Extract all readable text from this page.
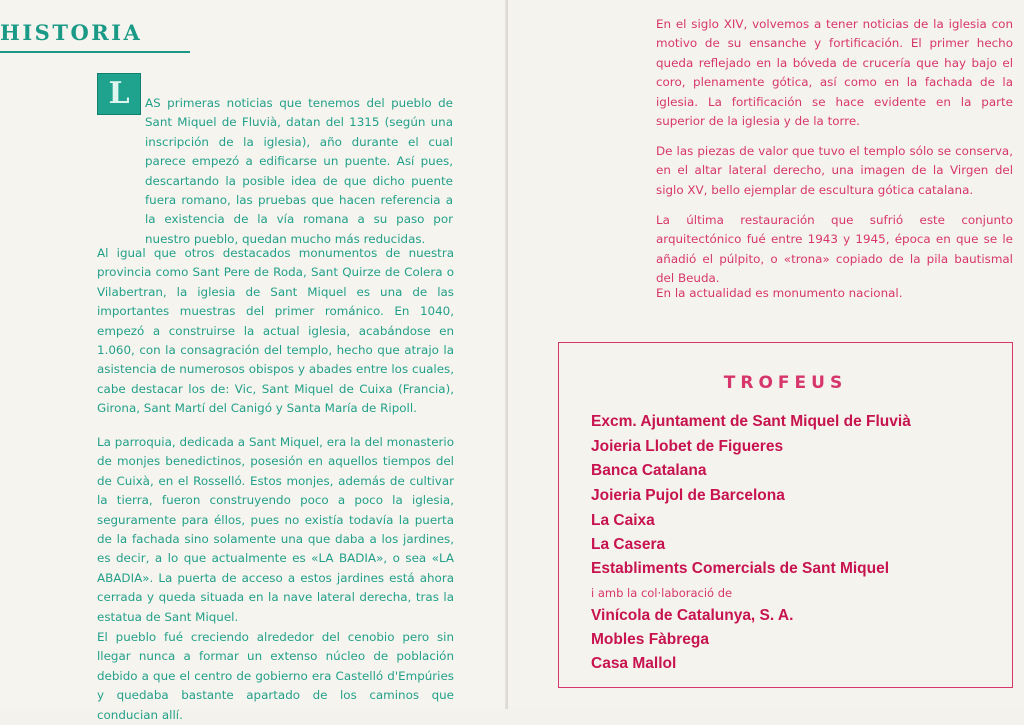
HISTORIA
L	AS primeras noticias que tenemos del pueblo de Sant Miquel de Fluvià, datan del 1315 (según una inscripción de la iglesia), año durante el cual parece empezó a edificarse un puente. Así pues, descartando la posible idea de que dicho puente fuera romano, las pruebas que hacen referencia a la existencia de la vía romana a su paso por nuestro pueblo, quedan mucho más reducidas.

Al igual que otros destacados monumentos de nuestra provincia como Sant Pere de Roda, Sant Quirze de Colera o Vilabertran, la iglesia de Sant Miquel es una de las importantes muestras del primer románico. En 1040, empezó a construirse la actual iglesia, acabándose en 1.060, con la consagración del templo, hecho que atrajo la asistencia de numerosos obispos y abades entre los cuales, cabe destacar los de: Vic, Sant Miquel de Cuixa (Francia), Girona, Sant Martí del Canigó y Santa María de Ripoll.

La parroquia, dedicada a Sant Miquel, era la del monasterio de monjes benedictinos, posesión en aquellos tiempos del de Cuixà, en el Rosselló. Estos monjes, además de cultivar la tierra, fueron construyendo poco a poco la iglesia, seguramente para éllos, pues no existía todavía la puerta de la fachada sino solamente una que daba a los jardines, es decir, a lo que actualmente es «LA BADIA», o sea «LA ABADIA». La puerta de acceso a estos jardines está ahora cerrada y queda situada en la nave lateral derecha, tras la estatua de Sant Miquel.

El pueblo fué creciendo alrededor del cenobio pero sin llegar nunca a formar un extenso núcleo de población debido a que el centro de gobierno era Castelló d'Empúries y quedaba bastante apartado de los caminos que conducian allí.

En el siglo XIV, volvemos a tener noticias de la iglesia con motivo de su ensanche y fortificación. El primer hecho queda reflejado en la bóveda de crucería que hay bajo el coro, plenamente gótica, así como en la fachada de la iglesia. La fortificación se hace evidente en la parte superior de la iglesia y de la torre.

De las piezas de valor que tuvo el templo sólo se conserva, en el altar lateral derecho, una imagen de la Virgen del siglo XV, bello ejemplar de escultura gótica catalana.

La última restauración que sufrió este conjunto arquitectónico fué entre 1943 y 1945, época en que se le añadió el púlpito, o «trona» copiado de la pila bautismal del Beuda.

En la actualidad es monumento nacional.

TROFEUS

Excm. Ajuntament de Sant Miquel de Fluvià

Joieria Llobet de Figueres

Banca Catalana

Joieria Pujol de Barcelona

La Caixa

La Casera

Establiments Comercials de Sant Miquel

i amb la col·laboració de

Vinícola de Catalunya, S. A.

Mobles Fàbrega

Casa Mallol
